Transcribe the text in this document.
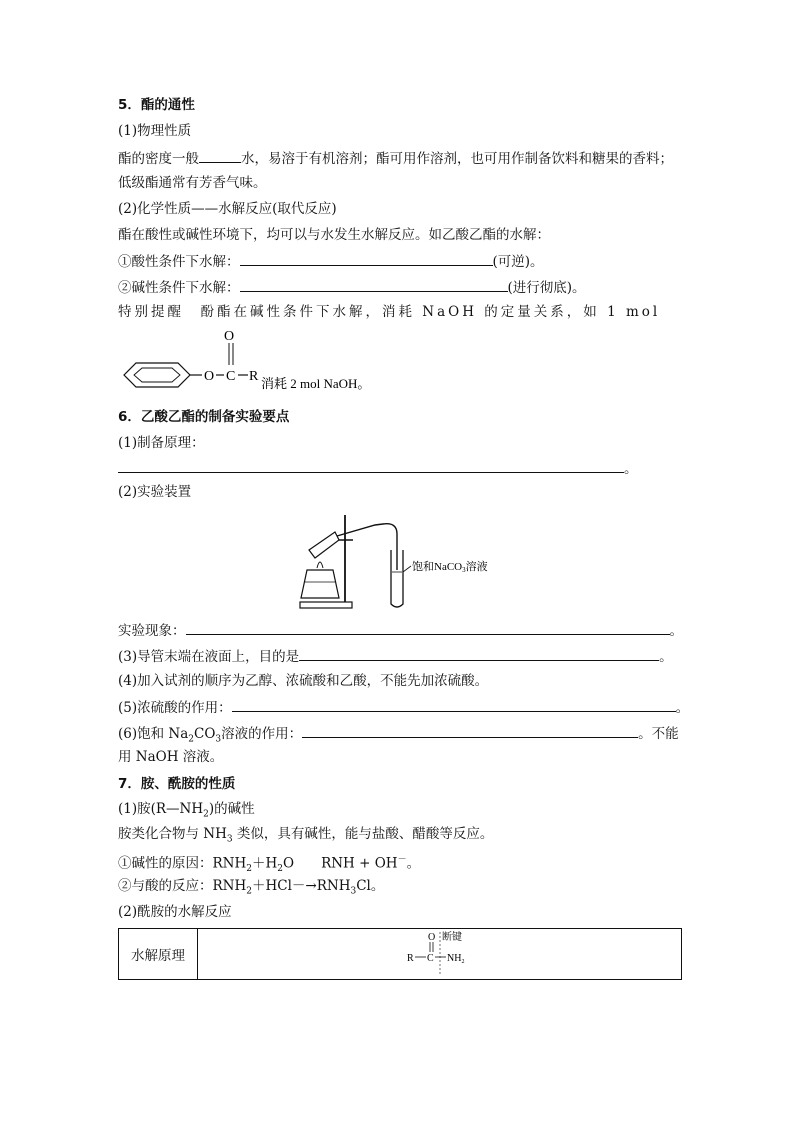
5．酯的通性
(1)物理性质
酯的密度一般	水，易溶于有机溶剂；酯可用作溶剂，也可用作制备饮料和糖果的香料；
低级酯通常有芳香气味。
(2)化学性质——水解反应(取代反应)
酯在酸性或碱性环境下，均可以与水发生水解反应。如乙酸乙酯的水解：
①酸性条件下水解：	(可逆)。
②碱性条件下水解：	(进行彻底)。
特别提醒　酚酯在碱性条件下水解，消耗 NaOH 的定量关系，如 1 mol
O C
O
R 消耗 2 mol NaOH。
6．乙酸乙酯的制备实验要点
(1)制备原理：
。
(2)实验装置
饱和NaCO3溶液
实验现象：	。
(3)导管末端在液面上，目的是	。
(4)加入试剂的顺序为乙醇、浓硫酸和乙酸，不能先加浓硫酸。
(5)浓硫酸的作用：	。
(6)饱和 $Na_2CO_3$溶液的作用：	。不能
用 NaOH 溶液。
7．胺、酰胺的性质
(1)胺$(R—NH_2)$的碱性
胺类化合物与 $NH_3$ 类似，具有碱性，能与盐酸、醋酸等反应。
①碱性的原因：$RNH_2+H_2O$　　RNH + OH－。
②与酸的反应：$RNH_2+HCl-\to RNH_3Cl$。
(2)酰胺的水解反应
水解原理	
O 断键
R C $NH_2$
